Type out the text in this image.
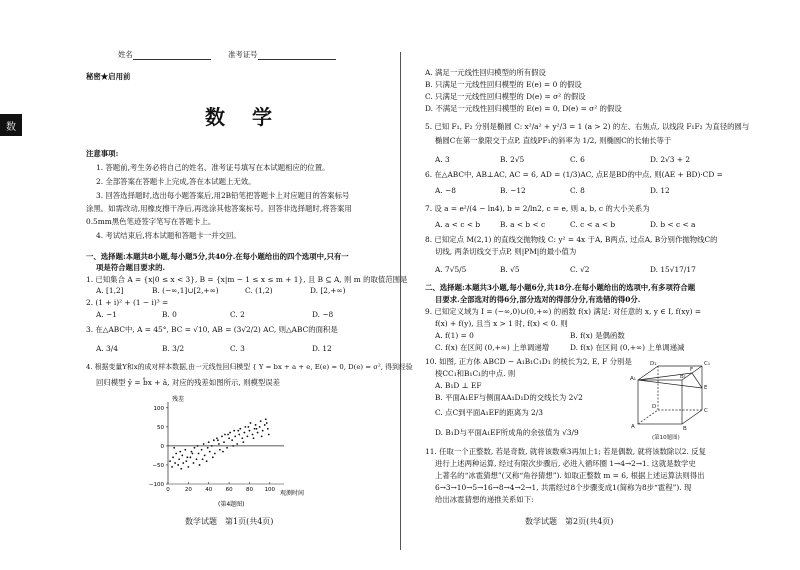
姓名	准考证号
数
秘密★启用前
数 学
注意事项:
1. 答题前,考生务必将自己的姓名、准考证号填写在本试题相应的位置。
2. 全部答案在答题卡上完成,答在本试题上无效。
3. 回答选择题时,选出每小题答案后,用2B铅笔把答题卡上对应题目的答案标号
涂黑。如需改动,用橡皮擦干净后,再选涂其他答案标号。回答非选择题时,将答案用
0.5mm黑色笔迹签字笔写在答题卡上。
4. 考试结束后,将本试题和答题卡一并交回。
一、选择题:本题共8小题,每小题5分,共40分.在每小题给出的四个选项中,只有一
项是符合题目要求的.
1. 已知集合 A = {x|0 ≤ x < 3}, B = {x|m − 1 ≤ x ≤ m + 1}, 且 B ⊆ A, 则 m 的取值范围是
A. [1,2]	B. (−∞,1]∪[2,+∞)	C. (1,2)	D. [2,+∞)
2. (1 + i)² + (1 − i)³ =
A. −1	B. 0	C. 2	D. −8
3. 在△ABC中, A = 45°, BC = √10, AB = (3√2/2) AC, 则△ABC的面积是
A. 3/4	B. 3/2	C. 3	D. 12
4. 根据变量Y和x的成对样本数据,由一元线性回归模型 { Y = bx + a + e, E(e) = 0, D(e) = σ², 得到经验
回归模型 ŷ = b̂x + â, 对应的残差如图所示, 则模型误差
100
50
0
−50
−100
0	20 40 60 80 100
残差
观测时间
(第4题图)
A. 满足一元线性回归模型的所有假设
B. 只满足一元线性回归模型的 E(e) = 0 的假设
C. 只满足一元线性回归模型的 D(e) = σ² 的假设
D. 不满足一元线性回归模型的 E(e) = 0, D(e) = σ² 的假设
5. 已知 F₁, F₂ 分别是椭圆 C: x²/a² + y²/3 = 1 (a > 2) 的左、右焦点, 以线段 F₁F₂ 为直径的圆与
椭圆C在第一象限交于点P, 直线PF₁的斜率为 1/2, 则椭圆C的长轴长等于
A. 3	B. 2√5	C. 6	D. 2√3 + 2
6. 在△ABC中, AB⊥AC, AC = 6, AD = (1/3)AC, 点E是BD的中点, 则(AE + BD)·CD =
A. −8	B. −12	C. 8	D. 12
7. 设 a = e²/(4 − ln4), b = 2/ln2, c = e, 则 a, b, c 的大小关系为
A. a < c < b	B. a < b < c	C. c < a < b	D. b < c < a
8. 已知定点 M(2,1) 的直线交抛物线 C: y² = 4x 于A, B两点, 过点A, B分别作抛物线C的
切线, 两条切线交于点P, 则|PM|的最小值为
A. 7√5/5	B. √5	C. √2	D. 15√17/17
二、选择题:本题共3小题,每小题6分,共18分.在每小题给出的选项中,有多项符合题
目要求.全部选对的得6分,部分选对的得部分分,有选错的得0分.
9. 已知定义域为 I = (−∞,0)∪(0,+∞) 的函数 f(x) 满足: 对任意的 x, y ∈ I, f(xy) =
f(x) + f(y), 且当 x > 1 时, f(x) < 0. 则
A. f(1) = 0	B. f(x) 是偶函数
C. f(x) 在区间 (0,+∞) 上单调递增	D. f(x) 在区间 (0,+∞) 上单调递减
10. 如图, 正方体 ABCD − A₁B₁C₁D₁ 的棱长为2, E, F 分别是
棱CC₁和B₁C₁的中点. 则
A. B₁D ⊥ EF
B. 平面A₁EF与侧面AA₁D₁D的交线长为 2√2
C. 点C到平面A₁EF的距离为 2/3
D. B₁D与平面A₁EF所成角的余弦值为 √3/9
D₁	C₁
A₁	B₁
F
E
D
C
A	B
(第10题图)
11. 任取一个正整数, 若是奇数, 就将该数乘3再加上1; 若是偶数, 就将该数除以2. 反复
进行上述两种运算, 经过有限次步骤后, 必进入循环圈 1→4→2→1. 这就是数学史
上著名的“冰雹猜想”(又称“角谷猜想”). 如取正整数 m = 6, 根据上述运算法则得出
6→3→10→5→16→8→4→2→1, 共需经过8个步骤变成1(简称为8步“雹程”). 现
给出冰雹猜想的递推关系如下:
数学试题　第1页(共4页)	数学试题　第2页(共4页)
